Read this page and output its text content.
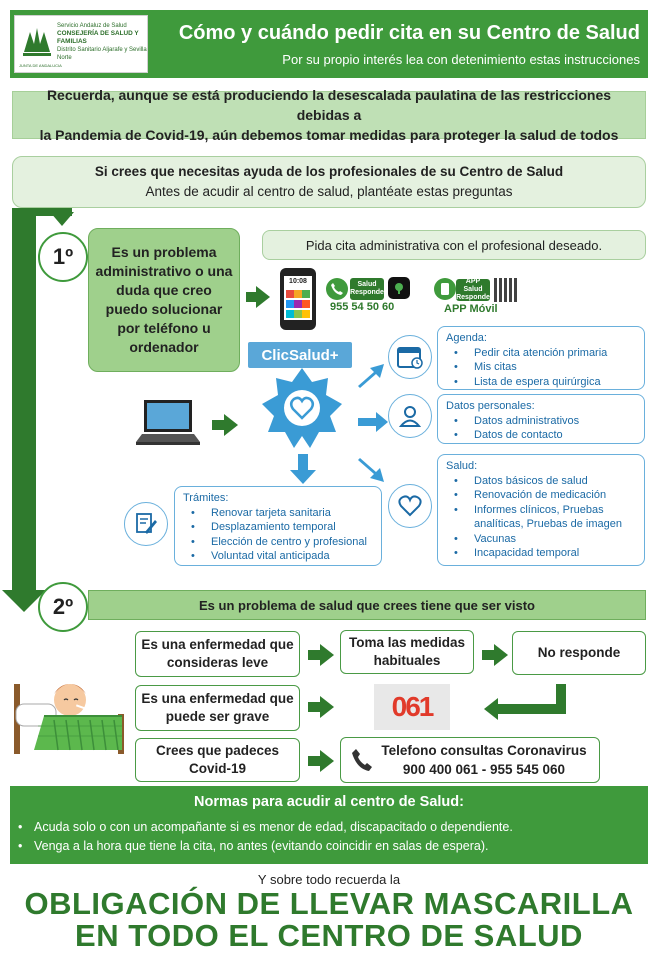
Servicio Andaluz de Salud
CONSEJERÍA DE SALUD Y FAMILIAS
Distrito Sanitario Aljarafe y Sevilla Norte
JUNTA DE ANDALUCIA
Cómo y cuándo pedir cita en su Centro de Salud
Por su propio interés lea con detenimiento estas instrucciones
Recuerda, aunque se está produciendo la desescalada paulatina de las restricciones debidas a
la Pandemia de Covid-19, aún debemos tomar medidas para proteger la salud de todos
Si crees que necesitas ayuda de los profesionales de su Centro de Salud
Antes de acudir al centro de salud, plantéate estas preguntas
1º	Es un problema administrativo o una duda que creo puedo solucionar por teléfono u ordenador
Pida cita administrativa con el profesional deseado.
10:08	Salud Responde
955 54 50 60
APP Salud Responde
APP Móvil
ClicSalud+
Agenda:
• Pedir cita atención primaria
• Mis citas
• Lista de espera quirúrgica
Datos personales:
• Datos administrativos
• Datos de contacto
Salud:
• Datos básicos de salud
• Renovación de medicación
• Informes clínicos, Pruebas analíticas, Pruebas de imagen
• Vacunas
• Incapacidad temporal
Trámites:
• Renovar tarjeta sanitaria
• Desplazamiento temporal
• Elección de centro y profesional
• Voluntad vital anticipada
2º	Es un problema de salud que crees tiene que ser visto
Es una enfermedad que consideras leve
Toma las medidas habituales
No responde
Es una enfermedad que puede ser grave	061
Crees que padeces Covid-19
Telefono consultas Coronavirus
900 400 061 - 955 545 060
Normas para acudir al centro de Salud:
• Acuda solo o con un acompañante si es menor de edad, discapacitado o dependiente.
• Venga a la hora que tiene la cita, no antes (evitando coincidir en salas de espera).
Y sobre todo recuerda la
OBLIGACIÓN DE LLEVAR MASCARILLA
EN TODO EL CENTRO DE SALUD
